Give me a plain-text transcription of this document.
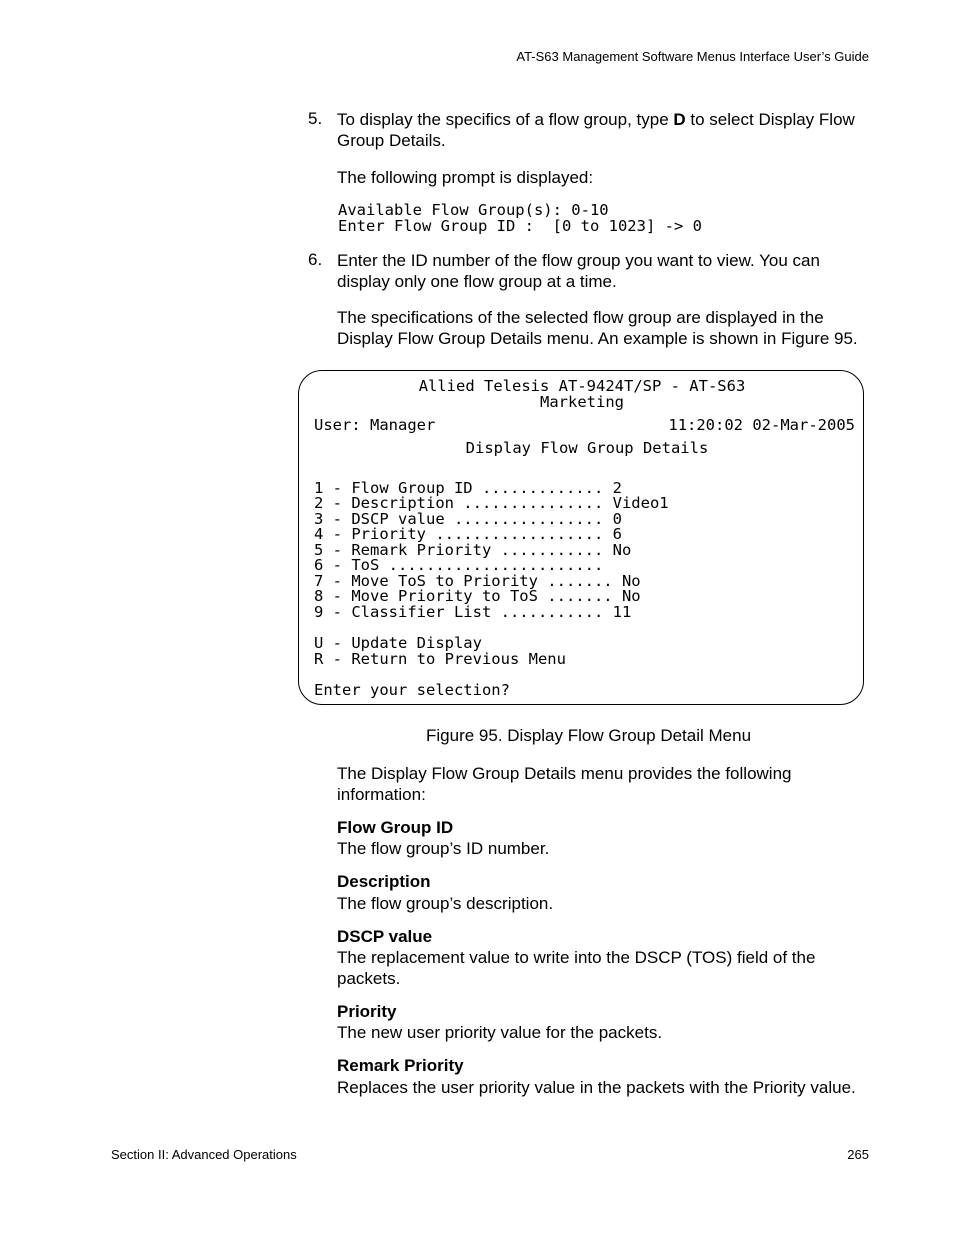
AT-S63 Management Software Menus Interface User’s Guide
5. To display the specifics of a flow group, type D to select Display Flow
Group Details.
The following prompt is displayed:
Available Flow Group(s): 0-10
Enter Flow Group ID :  [0 to 1023] -> 0
6. Enter the ID number of the flow group you want to view. You can
display only one flow group at a time.
The specifications of the selected flow group are displayed in the
Display Flow Group Details menu. An example is shown in Figure 95.
Allied Telesis AT-9424T/SP - AT-S63
Marketing
User: Manager	11:20:02 02-Mar-2005
Display Flow Group Details
1 - Flow Group ID ............. 2
2 - Description ............... Video1
3 - DSCP value ................ 0
4 - Priority .................. 6
5 - Remark Priority ........... No
6 - ToS .......................
7 - Move ToS to Priority ....... No
8 - Move Priority to ToS ....... No
9 - Classifier List ........... 11
U - Update Display
R - Return to Previous Menu
Enter your selection?
Figure 95. Display Flow Group Detail Menu
The Display Flow Group Details menu provides the following
information:
Flow Group ID
The flow group’s ID number.
Description
The flow group’s description.
DSCP value
The replacement value to write into the DSCP (TOS) field of the
packets.
Priority
The new user priority value for the packets.
Remark Priority
Replaces the user priority value in the packets with the Priority value.
Section II: Advanced Operations	265
